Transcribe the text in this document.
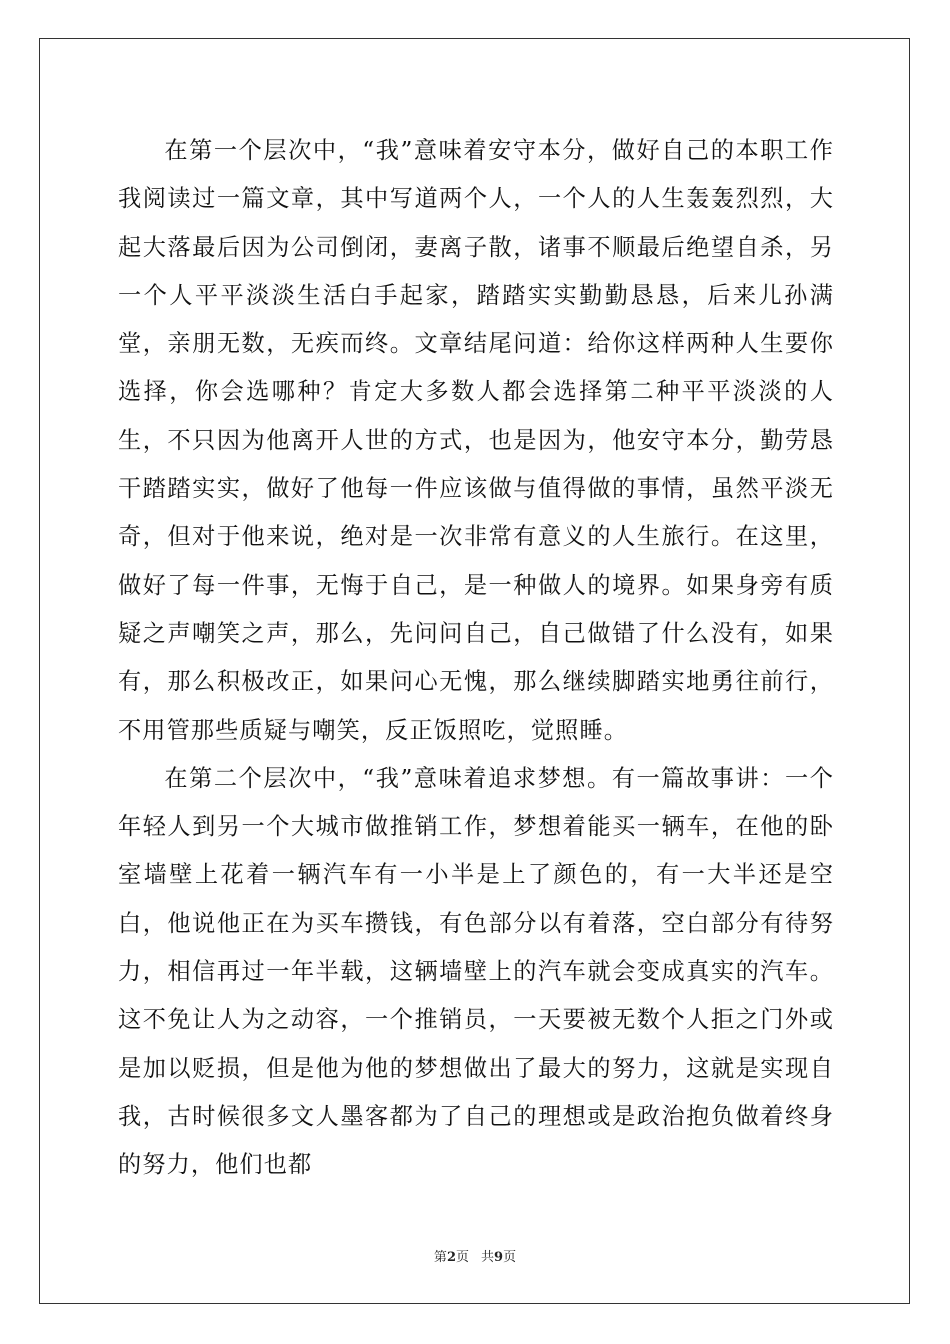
在第一个层次中，“我”意味着安守本分，做好自己的本职工作我阅读过一篇文章，其中写道两个人，一个人的人生轰轰烈烈，大起大落最后因为公司倒闭，妻离子散，诸事不顺最后绝望自杀，另一个人平平淡淡生活白手起家，踏踏实实勤勤恳恳，后来儿孙满堂，亲朋无数，无疾而终。文章结尾问道：给你这样两种人生要你选择，你会选哪种？肯定大多数人都会选择第二种平平淡淡的人生，不只因为他离开人世的方式，也是因为，他安守本分，勤劳恳干踏踏实实，做好了他每一件应该做与值得做的事情，虽然平淡无奇，但对于他来说，绝对是一次非常有意义的人生旅行。在这里，做好了每一件事，无悔于自己，是一种做人的境界。如果身旁有质疑之声嘲笑之声，那么，先问问自己，自己做错了什么没有，如果有，那么积极改正，如果问心无愧，那么继续脚踏实地勇往前行，不用管那些质疑与嘲笑，反正饭照吃，觉照睡。

在第二个层次中，“我”意味着追求梦想。有一篇故事讲：一个年轻人到另一个大城市做推销工作，梦想着能买一辆车，在他的卧室墙壁上花着一辆汽车有一小半是上了颜色的，有一大半还是空白，他说他正在为买车攒钱，有色部分以有着落，空白部分有待努力，相信再过一年半载，这辆墙壁上的汽车就会变成真实的汽车。这不免让人为之动容，一个推销员，一天要被无数个人拒之门外或是加以贬损，但是他为他的梦想做出了最大的努力，这就是实现自我，古时候很多文人墨客都为了自己的理想或是政治抱负做着终身的努力，他们也都

第2页 共9页
